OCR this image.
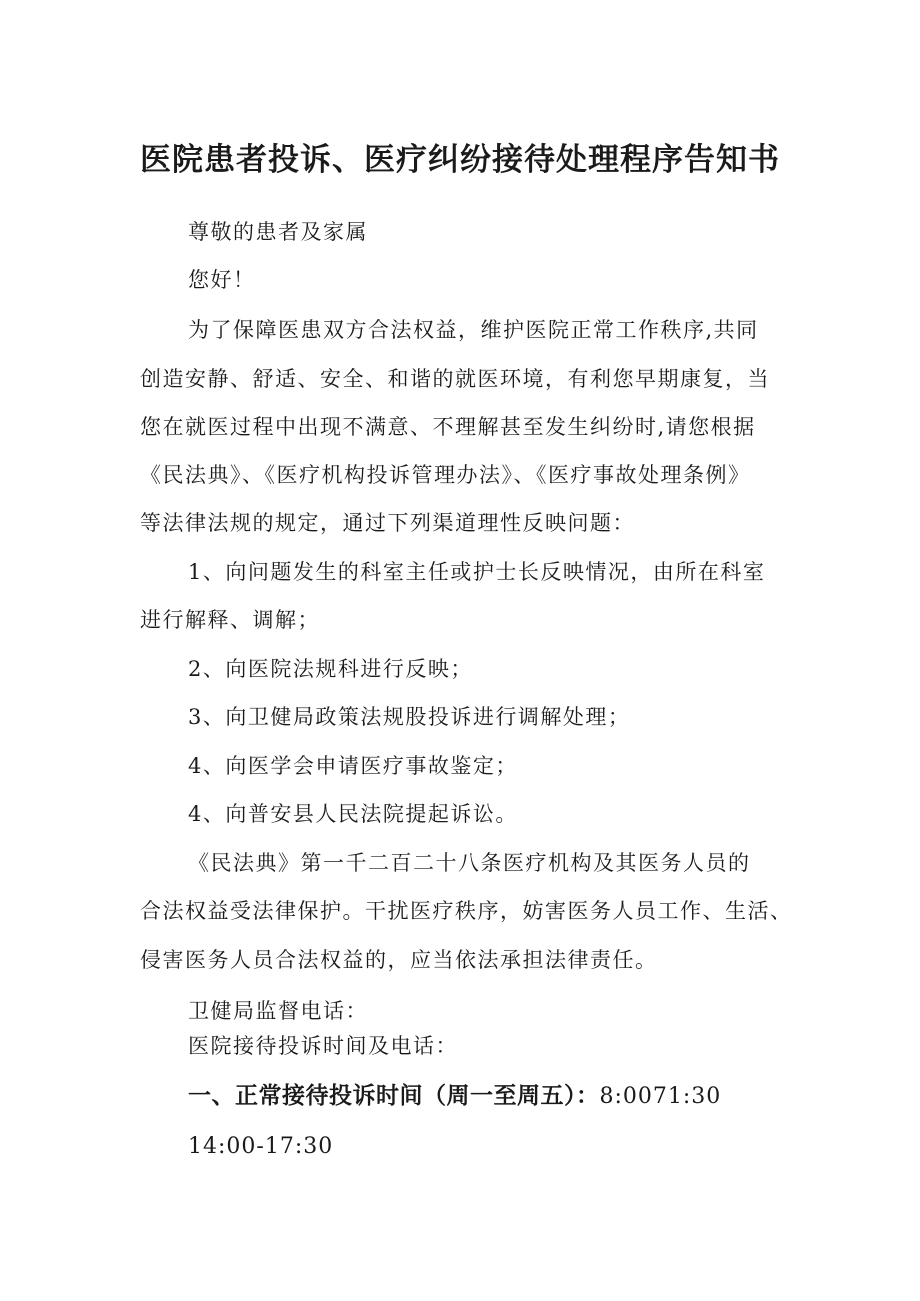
医院患者投诉、医疗纠纷接待处理程序告知书
尊敬的患者及家属
您好！
为了保障医患双方合法权益，维护医院正常工作秩序,共同
创造安静、舒适、安全、和谐的就医环境，有利您早期康复，当
您在就医过程中出现不满意、不理解甚至发生纠纷时,请您根据
《民法典》、《医疗机构投诉管理办法》、《医疗事故处理条例》
等法律法规的规定，通过下列渠道理性反映问题：
1、向问题发生的科室主任或护士长反映情况，由所在科室
进行解释、调解；
2、向医院法规科进行反映；
3、向卫健局政策法规股投诉进行调解处理；
4、向医学会申请医疗事故鉴定；
4、向普安县人民法院提起诉讼。
《民法典》第一千二百二十八条医疗机构及其医务人员的
合法权益受法律保护。干扰医疗秩序，妨害医务人员工作、生活、
侵害医务人员合法权益的，应当依法承担法律责任。
卫健局监督电话：
医院接待投诉时间及电话：
一、正常接待投诉时间（周一至周五）：8:0071:30
14:00-17:30
